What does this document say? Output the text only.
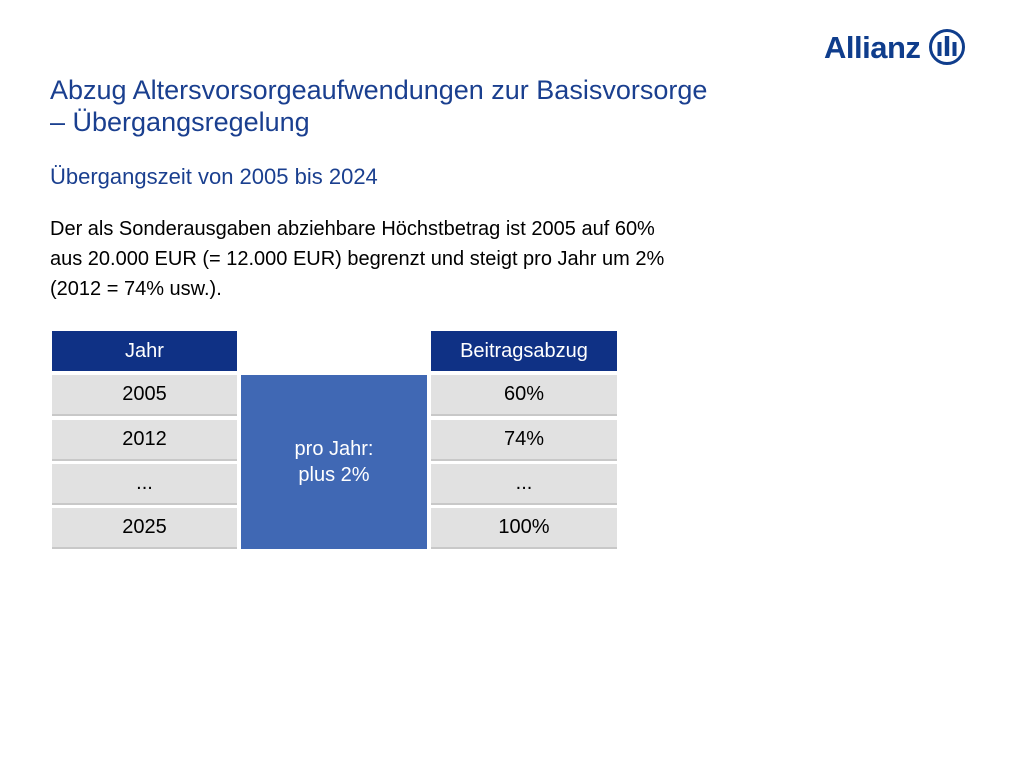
Allianz
Abzug Altersvorsorgeaufwendungen zur Basisvorsorge
– Übergangsregelung
Übergangszeit von 2005 bis 2024
Der als Sonderausgaben abziehbare Höchstbetrag ist 2005 auf 60%
aus 20.000 EUR (= 12.000 EUR) begrenzt und steigt pro Jahr um 2%
(2012 = 74% usw.).
Jahr	Beitragsabzug
pro Jahr:
plus 2%
2005
2012
...
2025
60%
74%
...
100%
